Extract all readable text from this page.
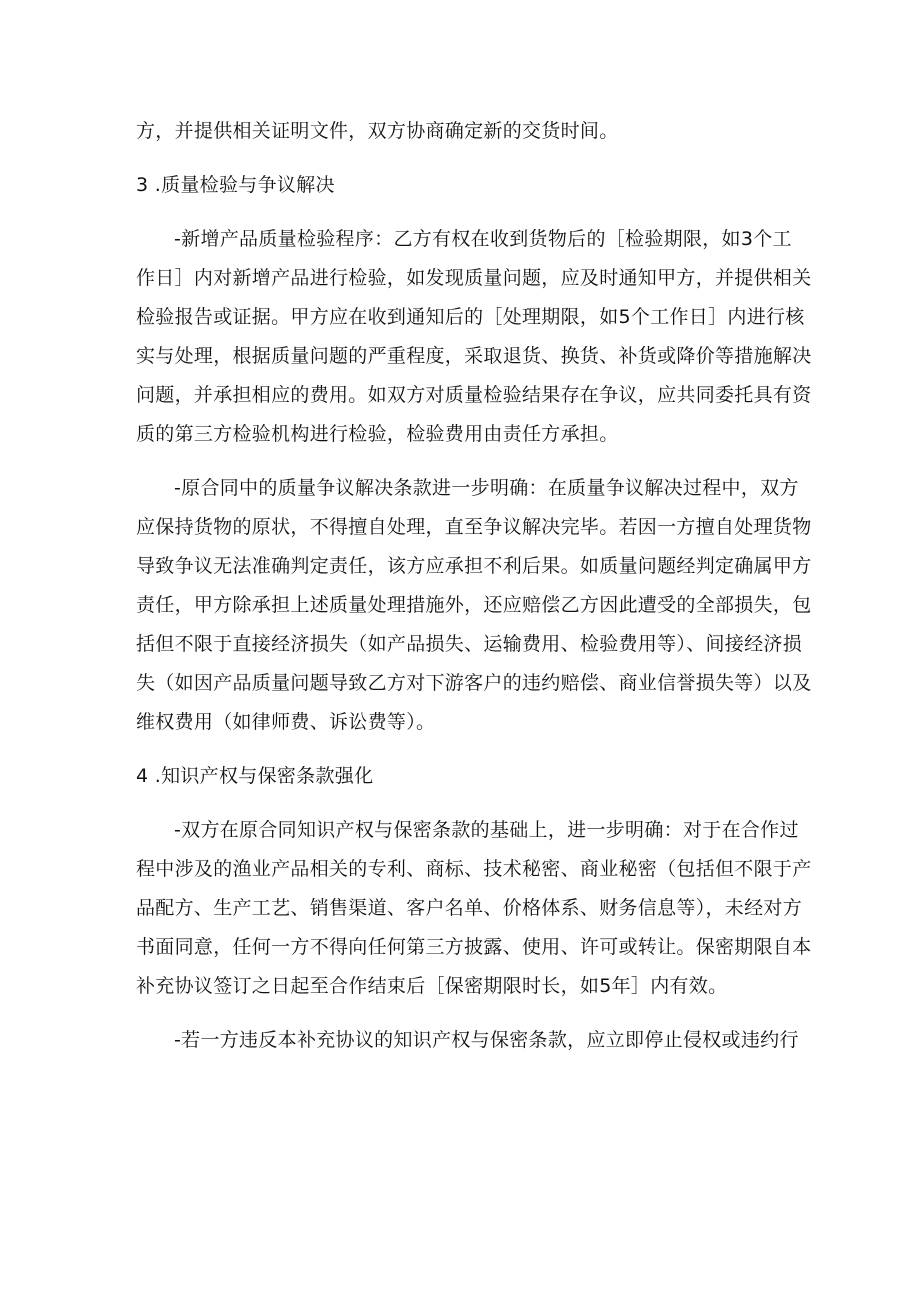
方，并提供相关证明文件，双方协商确定新的交货时间。
3 .质量检验与争议解决
-新增产品质量检验程序：乙方有权在收到货物后的［检验期限，如3个工
作日］内对新增产品进行检验，如发现质量问题，应及时通知甲方，并提供相关
检验报告或证据。甲方应在收到通知后的［处理期限，如5个工作日］内进行核
实与处理，根据质量问题的严重程度，采取退货、换货、补货或降价等措施解决
问题，并承担相应的费用。如双方对质量检验结果存在争议，应共同委托具有资
质的第三方检验机构进行检验，检验费用由责任方承担。
-原合同中的质量争议解决条款进一步明确：在质量争议解决过程中，双方
应保持货物的原状，不得擅自处理，直至争议解决完毕。若因一方擅自处理货物
导致争议无法准确判定责任，该方应承担不利后果。如质量问题经判定确属甲方
责任，甲方除承担上述质量处理措施外，还应赔偿乙方因此遭受的全部损失，包
括但不限于直接经济损失（如产品损失、运输费用、检验费用等）、间接经济损
失（如因产品质量问题导致乙方对下游客户的违约赔偿、商业信誉损失等）以及
维权费用（如律师费、诉讼费等）。
4 .知识产权与保密条款强化
-双方在原合同知识产权与保密条款的基础上，进一步明确：对于在合作过
程中涉及的渔业产品相关的专利、商标、技术秘密、商业秘密（包括但不限于产
品配方、生产工艺、销售渠道、客户名单、价格体系、财务信息等），未经对方
书面同意，任何一方不得向任何第三方披露、使用、许可或转让。保密期限自本
补充协议签订之日起至合作结束后［保密期限时长，如5年］内有效。
-若一方违反本补充协议的知识产权与保密条款，应立即停止侵权或违约行
